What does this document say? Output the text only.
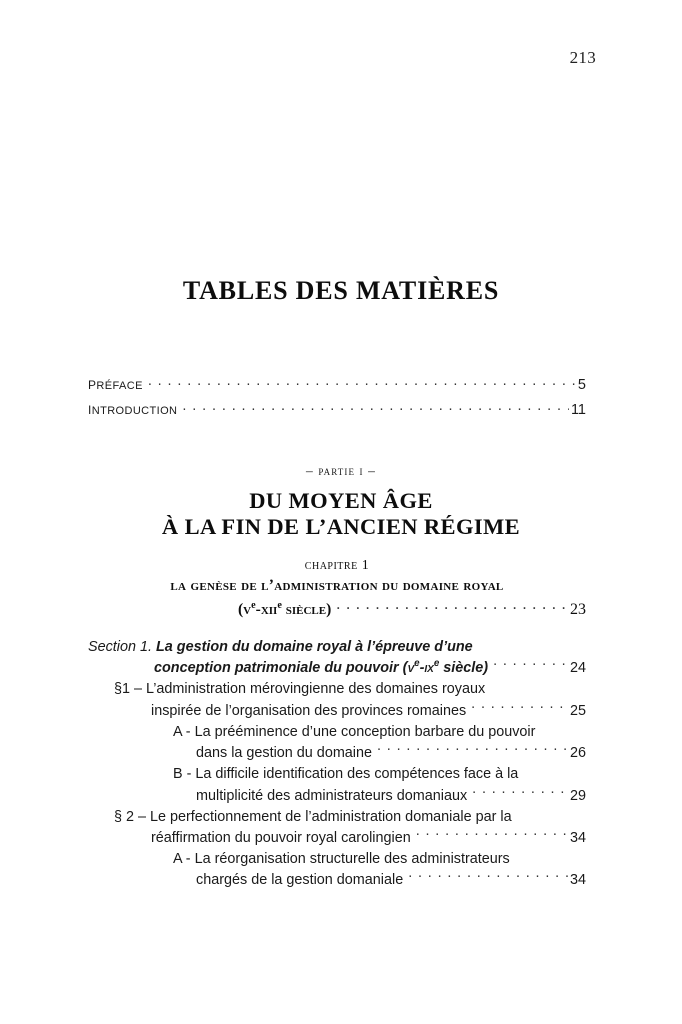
213
TABLES DES MATIÈRES
préface . . .	5
introduction . . .	11
– partie i –
DU MOYEN ÂGE
À LA FIN DE L’ANCIEN RÉGIME
chapitre 1
la genèse de l’administration du domaine royal
($v^e-xii^e$ siècle) . . .	23
Section 1. La gestion du domaine royal à l’épreuve d’une
conception patrimoniale du pouvoir ($v^e-ix^e$ siècle) . . .	24
§1 – L’administration mérovingienne des domaines royaux
inspirée de l’organisation des provinces romaines . . .	25
A - La prééminence d’une conception barbare du pouvoir
dans la gestion du domaine . . .	26
B - La difficile identification des compétences face à la
multiplicité des administrateurs domaniaux . . .	29
§ 2 – Le perfectionnement de l’administration domaniale par la
réaffirmation du pouvoir royal carolingien . . .	34
A - La réorganisation structurelle des administrateurs
chargés de la gestion domaniale . . .	34
